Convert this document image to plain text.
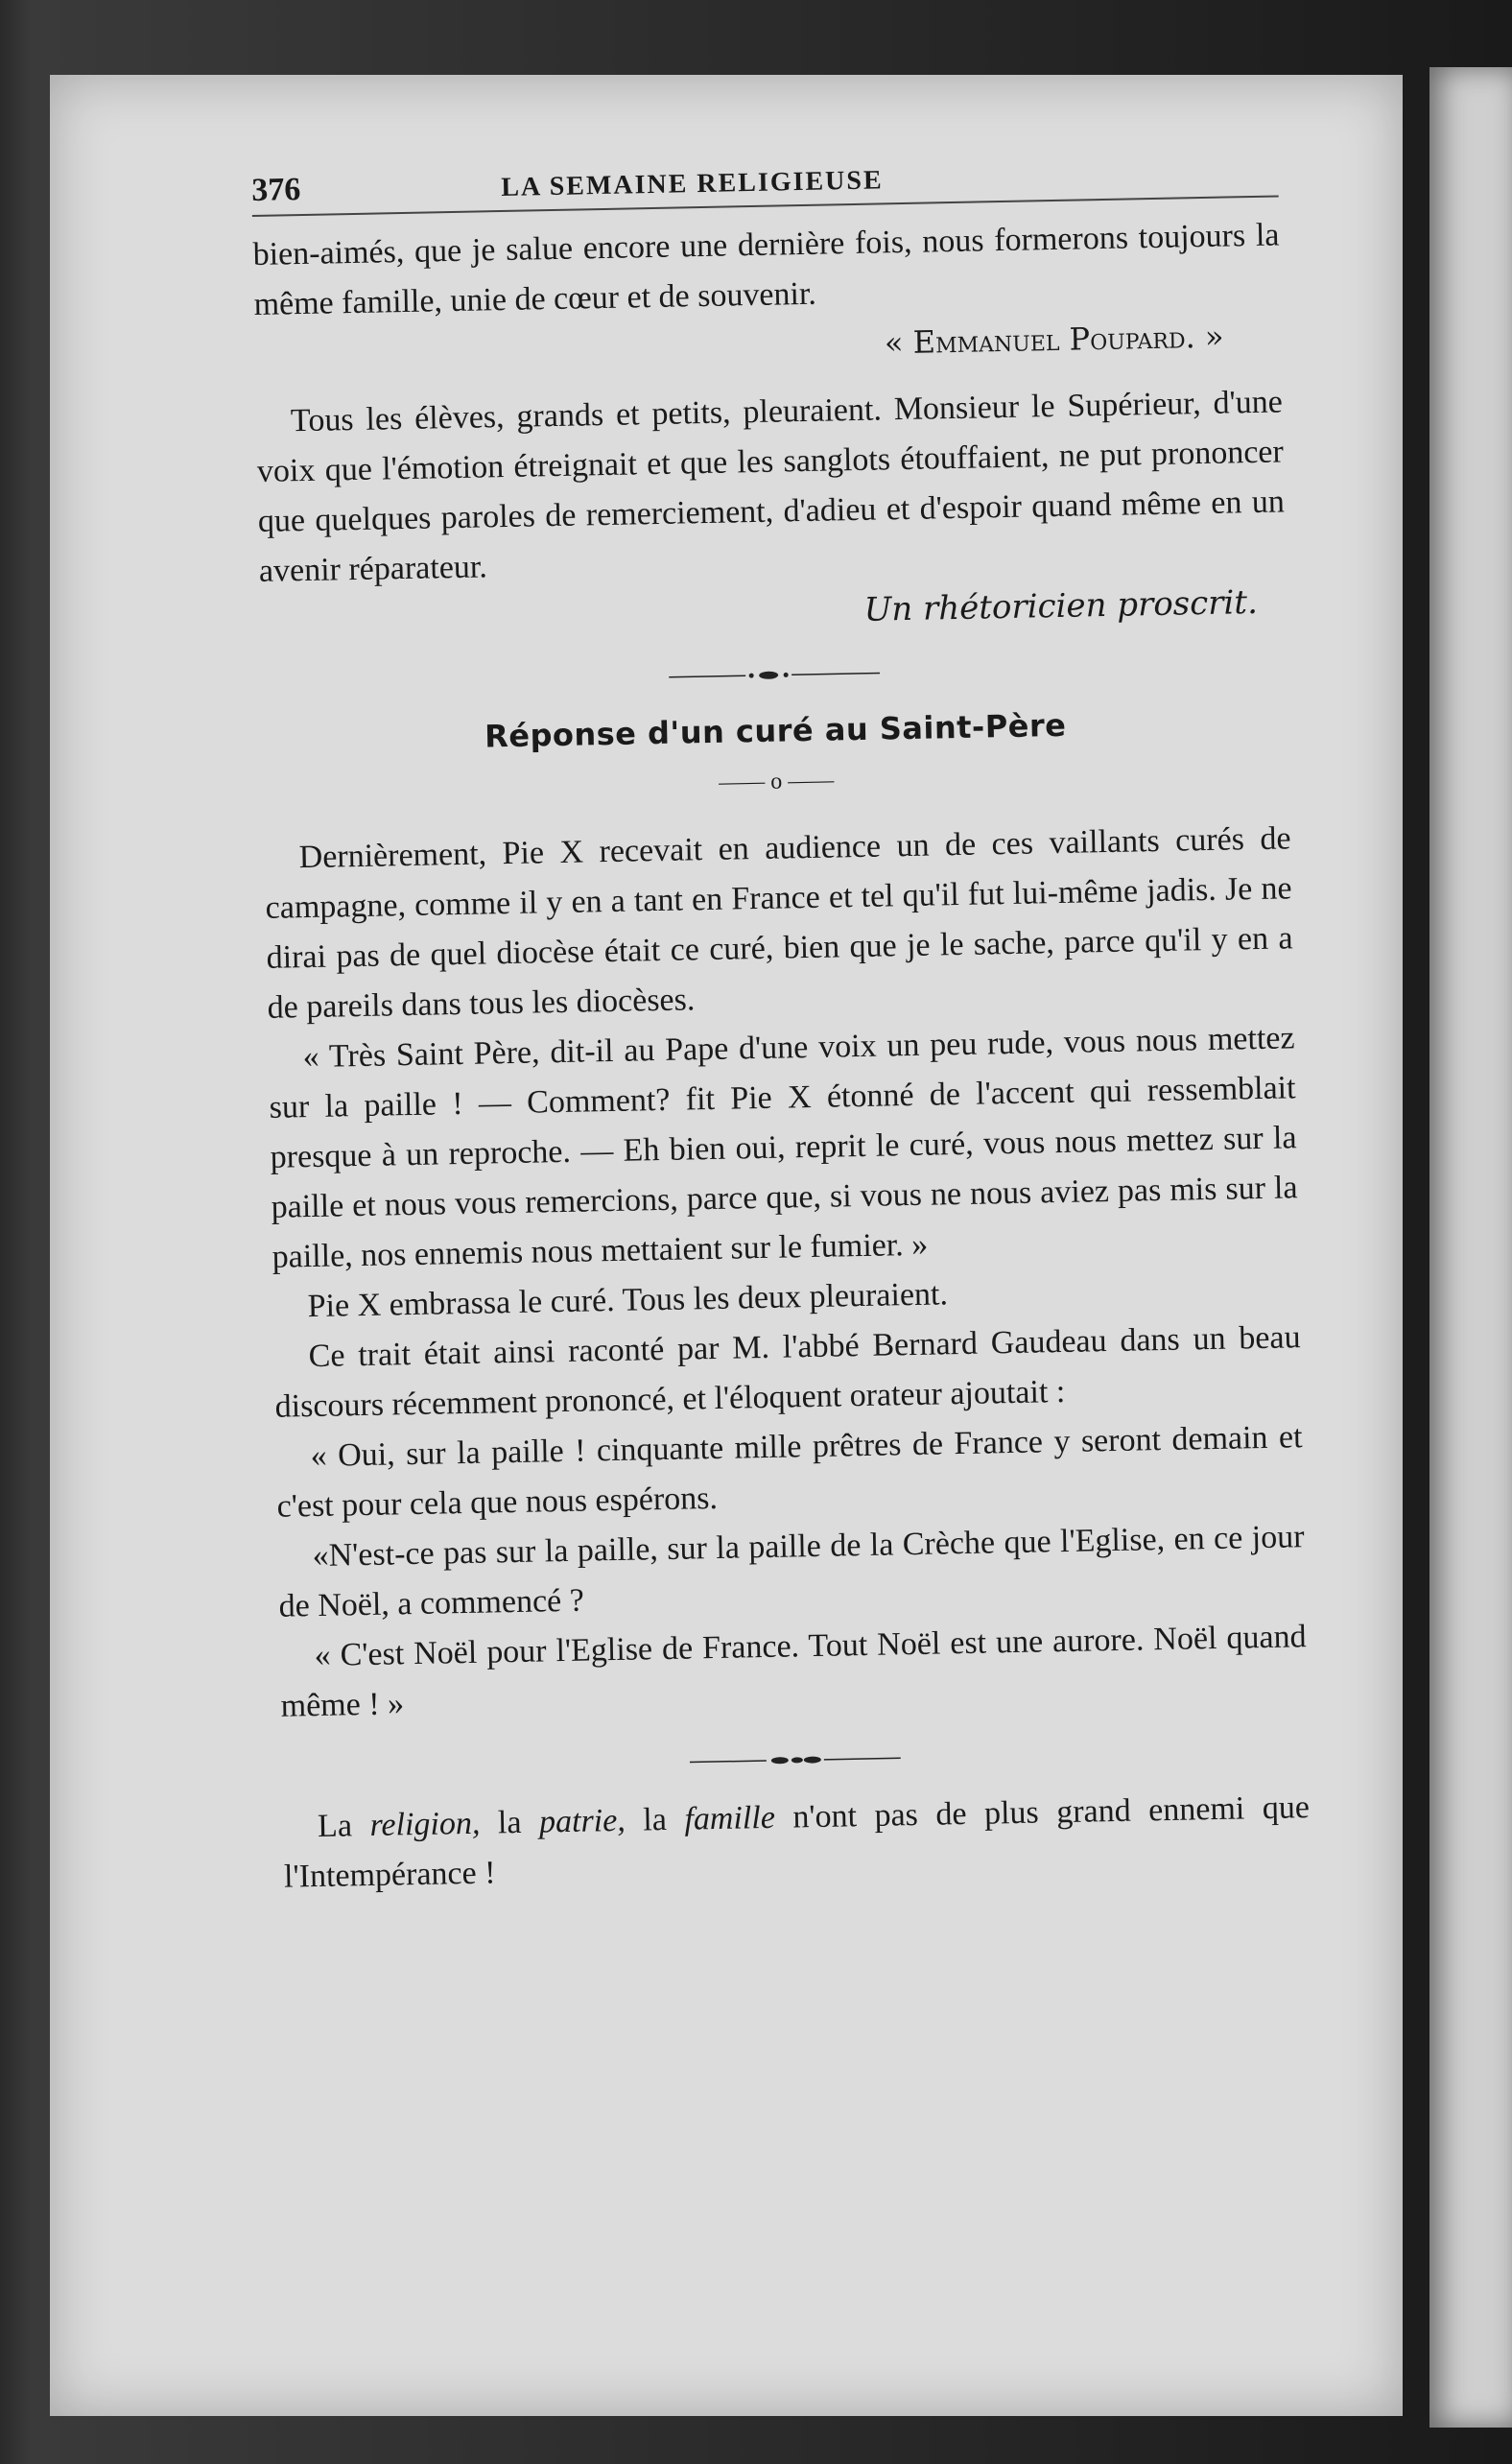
376	LA SEMAINE RELIGIEUSE

bien-aimés, que je salue encore une dernière fois, nous formerons toujours la même famille, unie de cœur et de souvenir.

« Emmanuel Poupard. »

Tous les élèves, grands et petits, pleuraient. Monsieur le Supérieur, d'une voix que l'émotion étreignait et que les sanglots étouffaient, ne put prononcer que quelques paroles de remerciement, d'adieu et d'espoir quand même en un avenir réparateur.

Un rhétoricien proscrit.
Réponse d'un curé au Saint-Père
—— o ——

Dernièrement, Pie X recevait en audience un de ces vaillants curés de campagne, comme il y en a tant en France et tel qu'il fut lui-même jadis. Je ne dirai pas de quel diocèse était ce curé, bien que je le sache, parce qu'il y en a de pareils dans tous les diocèses.

« Très Saint Père, dit-il au Pape d'une voix un peu rude, vous nous mettez sur la paille ! — Comment? fit Pie X étonné de l'accent qui ressemblait presque à un reproche. — Eh bien oui, reprit le curé, vous nous mettez sur la paille et nous vous remercions, parce que, si vous ne nous aviez pas mis sur la paille, nos ennemis nous mettaient sur le fumier. »

Pie X embrassa le curé. Tous les deux pleuraient.

Ce trait était ainsi raconté par M. l'abbé Bernard Gaudeau dans un beau discours récemment prononcé, et l'éloquent orateur ajoutait :

« Oui, sur la paille ! cinquante mille prêtres de France y seront demain et c'est pour cela que nous espérons.

«N'est-ce pas sur la paille, sur la paille de la Crèche que l'Eglise, en ce jour de Noël, a commencé ?

« C'est Noël pour l'Eglise de France. Tout Noël est une aurore. Noël quand même ! »

La religion, la patrie, la famille n'ont pas de plus grand ennemi que l'Intempérance !
